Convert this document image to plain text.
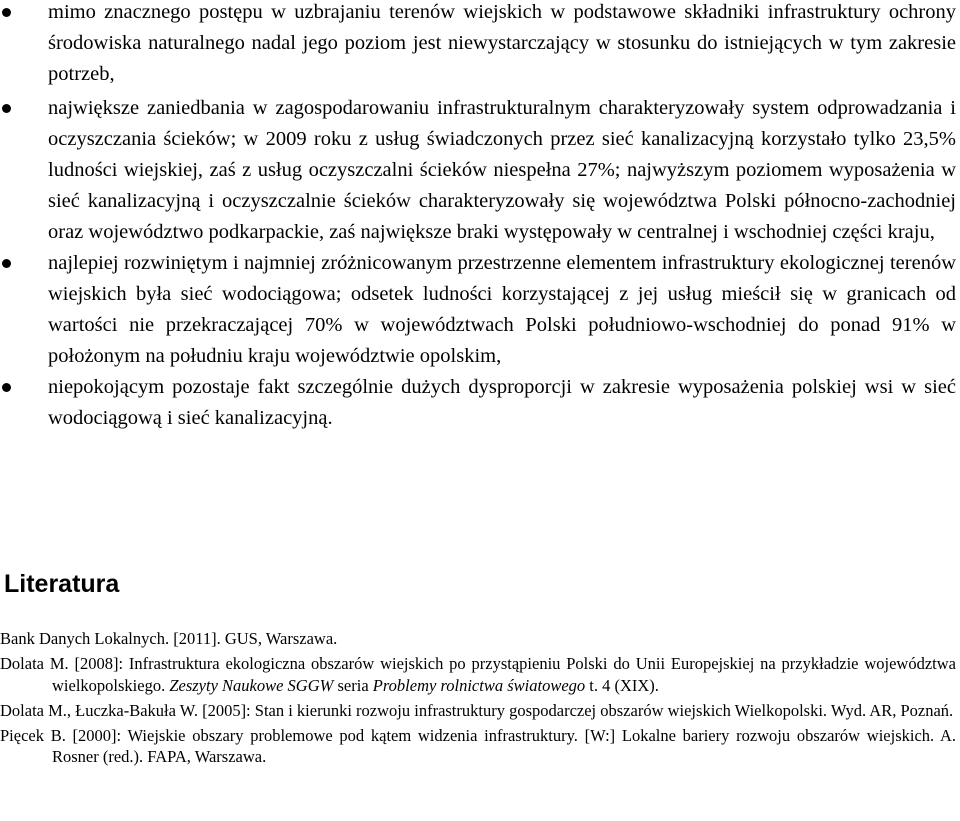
mimo znacznego postępu w uzbrajaniu terenów wiejskich w podstawowe składniki infrastruktury ochrony środowiska naturalnego nadal jego poziom jest niewystarczający w stosunku do istniejących w tym zakresie potrzeb,
największe zaniedbania w zagospodarowaniu infrastrukturalnym charakteryzowały system odprowadzania i oczyszczania ścieków; w 2009 roku z usług świadczonych przez sieć kanalizacyjną korzystało tylko 23,5% ludności wiejskiej, zaś z usług oczyszczalni ścieków niespełna 27%; najwyższym poziomem wyposażenia w sieć kanalizacyjną i oczyszczalnie ścieków charakteryzowały się województwa Polski północno-zachodniej oraz województwo podkarpackie, zaś największe braki występowały w centralnej i wschodniej części kraju,
najlepiej rozwiniętym i najmniej zróżnicowanym przestrzenne elementem infrastruktury ekologicznej terenów wiejskich była sieć wodociągowa; odsetek ludności korzystającej z jej usług mieścił się w granicach od wartości nie przekraczającej 70% w województwach Polski południowo-wschodniej do ponad 91% w położonym na południu kraju województwie opolskim,
niepokojącym pozostaje fakt szczególnie dużych dysproporcji w zakresie wyposażenia polskiej wsi w sieć wodociągową i sieć kanalizacyjną.
Literatura
Bank Danych Lokalnych. [2011]. GUS, Warszawa.
Dolata M. [2008]: Infrastruktura ekologiczna obszarów wiejskich po przystąpieniu Polski do Unii Europejskiej na przykładzie województwa wielkopolskiego. Zeszyty Naukowe SGGW seria Problemy rolnictwa światowego t. 4 (XIX).
Dolata M., Łuczka-Bakuła W. [2005]: Stan i kierunki rozwoju infrastruktury gospodarczej obszarów wiejskich Wielkopolski. Wyd. AR, Poznań.
Pięcek B. [2000]: Wiejskie obszary problemowe pod kątem widzenia infrastruktury. [W:] Lokalne bariery rozwoju obszarów wiejskich. A. Rosner (red.). FAPA, Warszawa.
